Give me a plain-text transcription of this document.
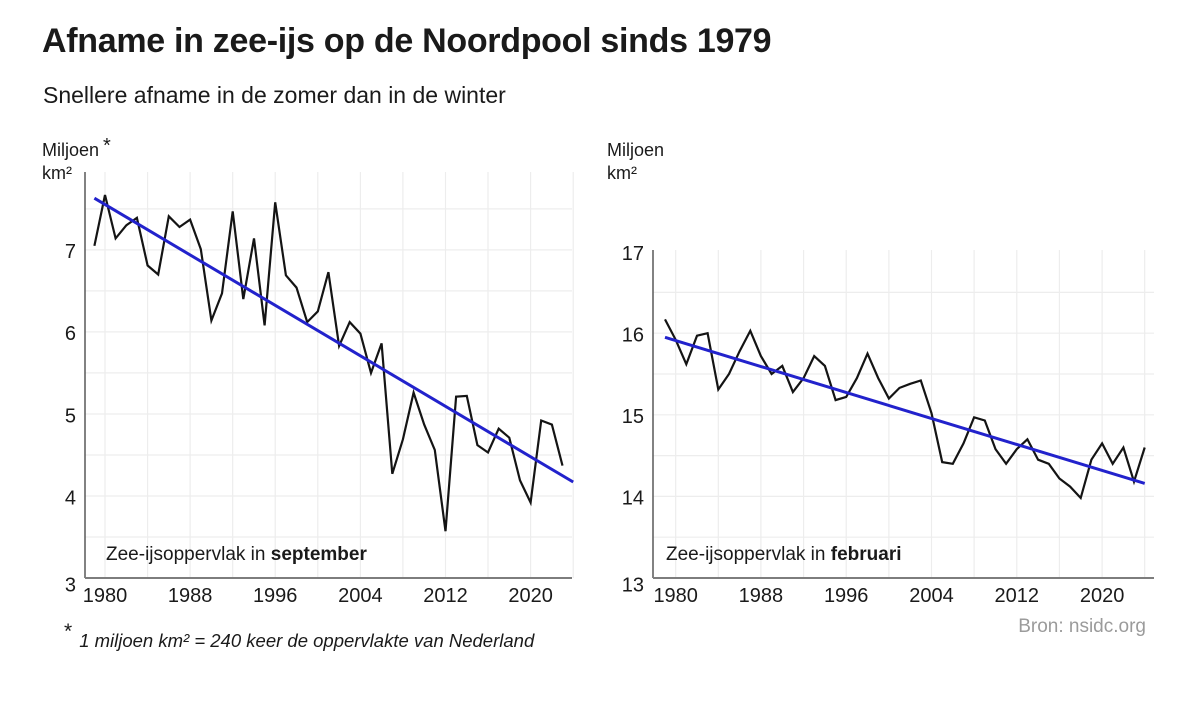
Afname in zee-ijs op de Noordpool sinds 1979
Snellere afname in de zomer dan in de winter
Miljoen *
km²
Miljoen
km²
3
4
5
6
7
1980 1988 1996 2004 2012 2020	13
14
15
16
17
1980 1988 1996 2004 2012 2020
Zee-ijsoppervlak in september	Zee-ijsoppervlak in februari
* 1 miljoen km² = 240 keer de oppervlakte van Nederland
Bron: nsidc.org
